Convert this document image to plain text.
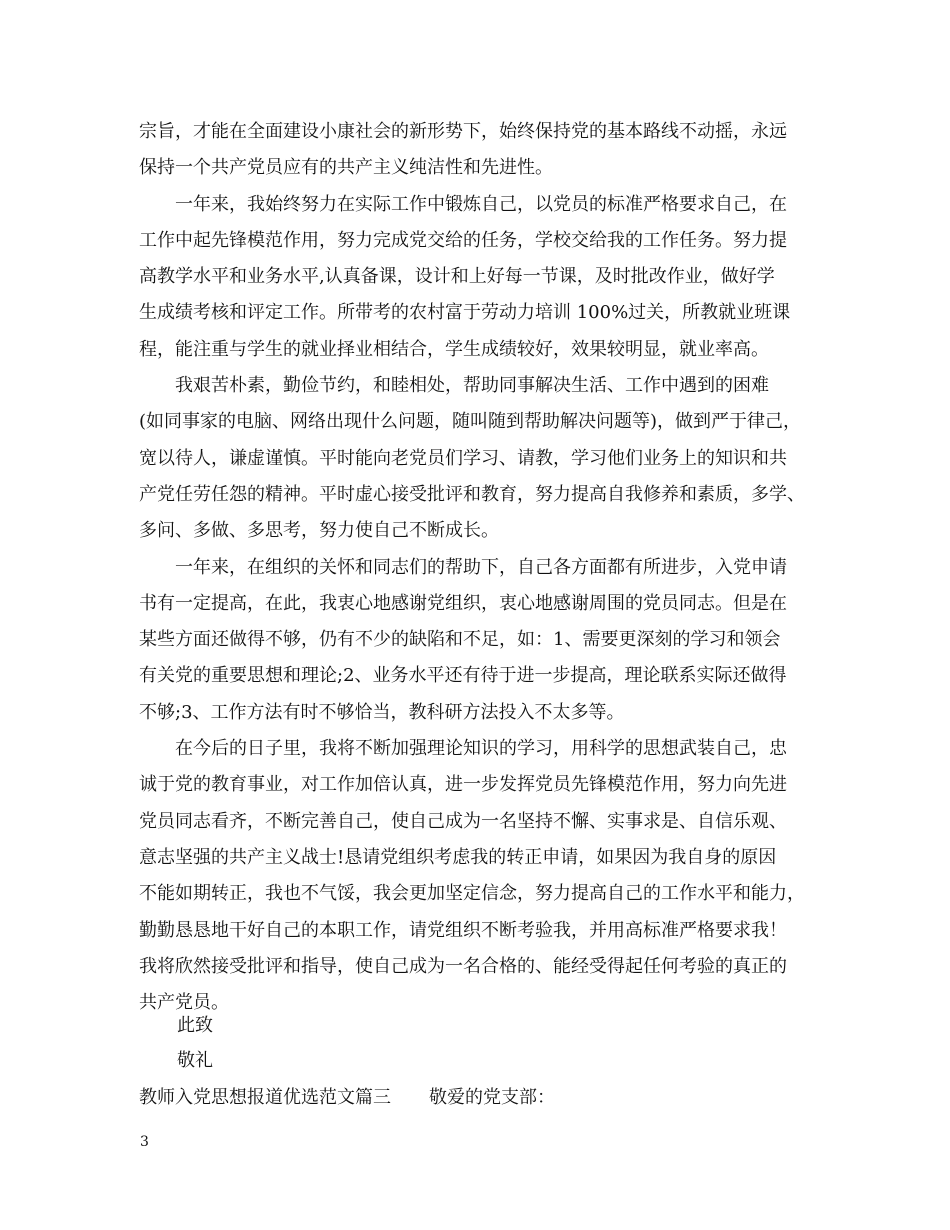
宗旨，才能在全面建设小康社会的新形势下，始终保持党的基本路线不动摇，永远
保持一个共产党员应有的共产主义纯洁性和先进性。
　　一年来，我始终努力在实际工作中锻炼自己，以党员的标准严格要求自己，在
工作中起先锋模范作用，努力完成党交给的任务，学校交给我的工作任务。努力提
高教学水平和业务水平,认真备课，设计和上好每一节课，及时批改作业，做好学
生成绩考核和评定工作。所带考的农村富于劳动力培训 100%过关，所教就业班课
程，能注重与学生的就业择业相结合，学生成绩较好，效果较明显，就业率高。
　　我艰苦朴素，勤俭节约，和睦相处，帮助同事解决生活、工作中遇到的困难
(如同事家的电脑、网络出现什么问题，随叫随到帮助解决问题等)，做到严于律己，
宽以待人，谦虚谨慎。平时能向老党员们学习、请教，学习他们业务上的知识和共
产党任劳任怨的精神。平时虚心接受批评和教育，努力提高自我修养和素质，多学、
多问、多做、多思考，努力使自己不断成长。
　　一年来，在组织的关怀和同志们的帮助下，自己各方面都有所进步，入党申请
书有一定提高，在此，我衷心地感谢党组织，衷心地感谢周围的党员同志。但是在
某些方面还做得不够，仍有不少的缺陷和不足，如：1、需要更深刻的学习和领会
有关党的重要思想和理论;2、业务水平还有待于进一步提高，理论联系实际还做得
不够;3、工作方法有时不够恰当，教科研方法投入不太多等。
　　在今后的日子里，我将不断加强理论知识的学习，用科学的思想武装自己，忠
诚于党的教育事业，对工作加倍认真，进一步发挥党员先锋模范作用，努力向先进
党员同志看齐，不断完善自己，使自己成为一名坚持不懈、实事求是、自信乐观、
意志坚强的共产主义战士!恳请党组织考虑我的转正申请，如果因为我自身的原因
不能如期转正，我也不气馁，我会更加坚定信念，努力提高自己的工作水平和能力，
勤勤恳恳地干好自己的本职工作，请党组织不断考验我，并用高标准严格要求我！
我将欣然接受批评和指导，使自己成为一名合格的、能经受得起任何考验的真正的
共产党员。
此致
敬礼
教师入党思想报道优选范文篇三 敬爱的党支部：
3
